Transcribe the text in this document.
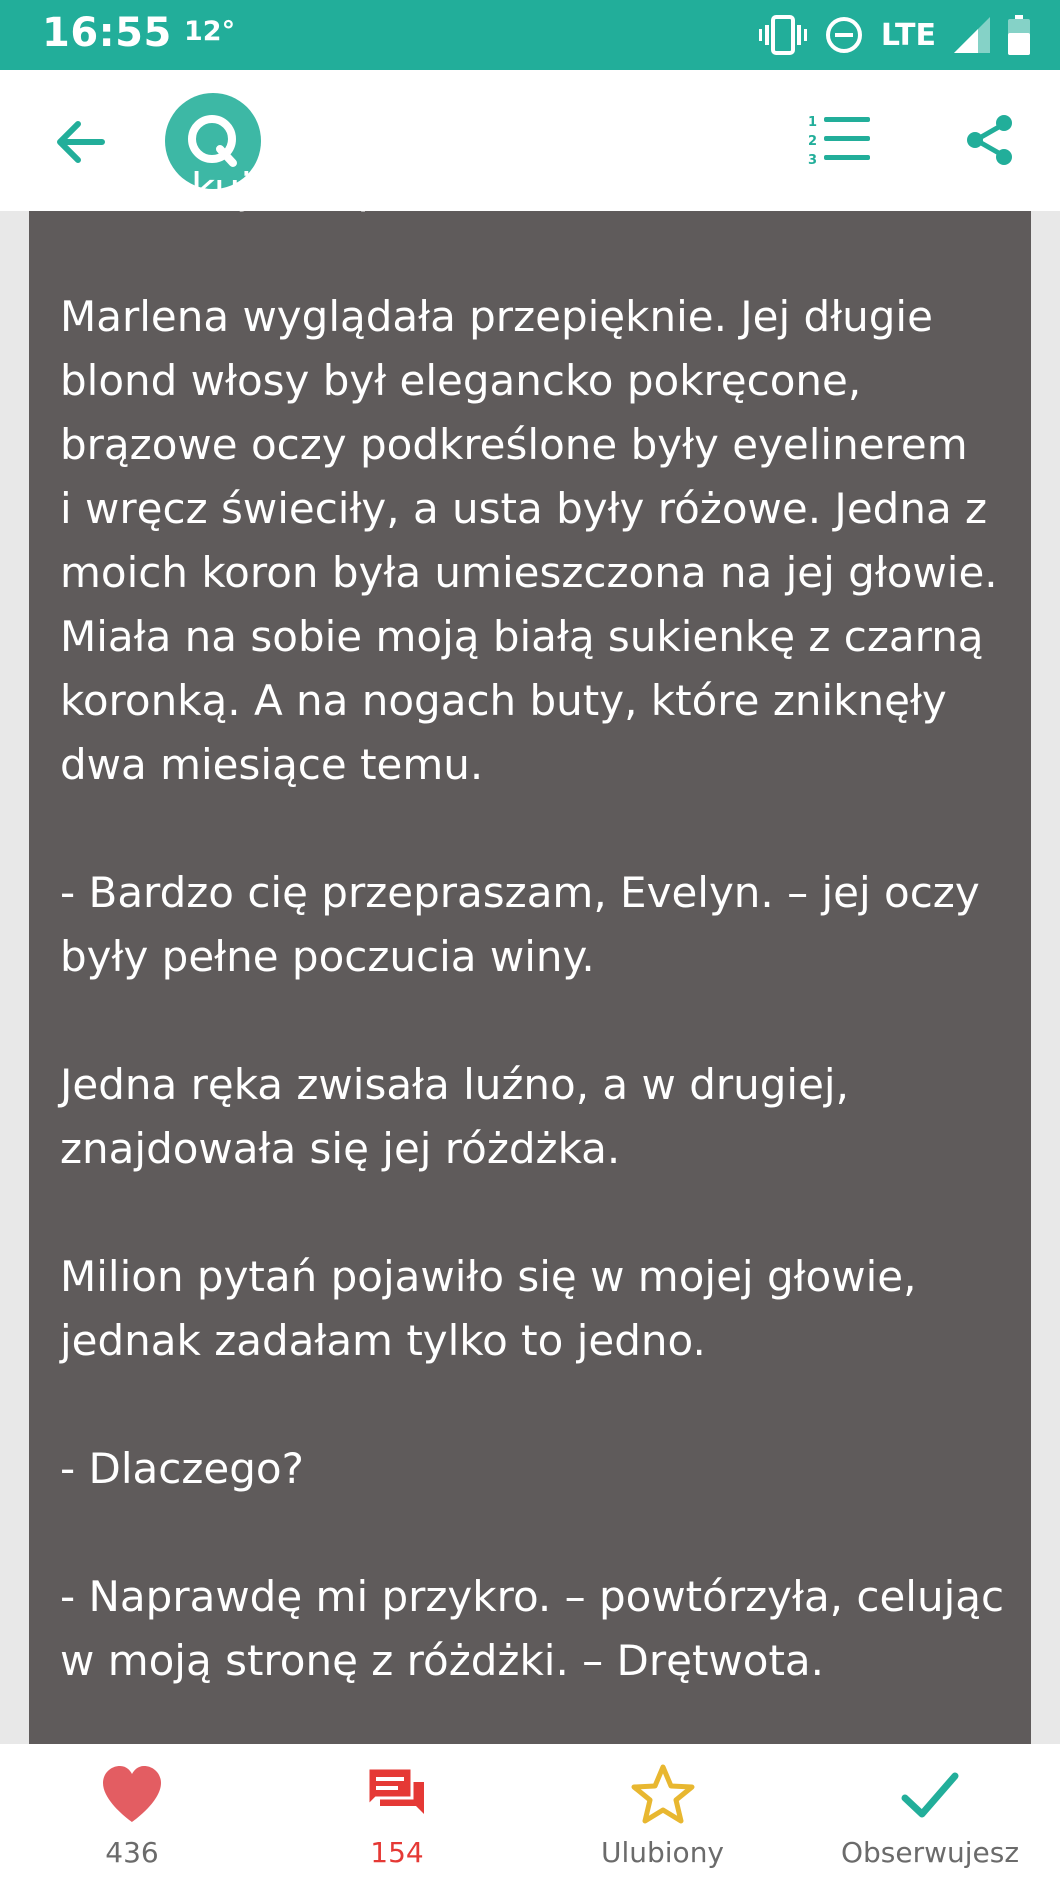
16:55 12°	LTE
1
2
3

że brakuje mi powietrza.

Marlena wyglądała przepięknie. Jej długie
blond włosy był elegancko pokręcone,
brązowe oczy podkreślone były eyelinerem
i wręcz świeciły, a usta były różowe. Jedna z
moich koron była umieszczona na jej głowie.
Miała na sobie moją białą sukienkę z czarną
koronką. A na nogach buty, które zniknęły
dwa miesiące temu.

- Bardzo cię przepraszam, Evelyn. – jej oczy
były pełne poczucia winy.

Jedna ręka zwisała luźno, a w drugiej,
znajdowała się jej różdżka.

Milion pytań pojawiło się w mojej głowie,
jednak zadałam tylko to jedno.

- Dlaczego?

- Naprawdę mi przykro. – powtórzyła, celując
w moją stronę z różdżki. – Drętwota.

436	154	Ulubiony	Obserwujesz
